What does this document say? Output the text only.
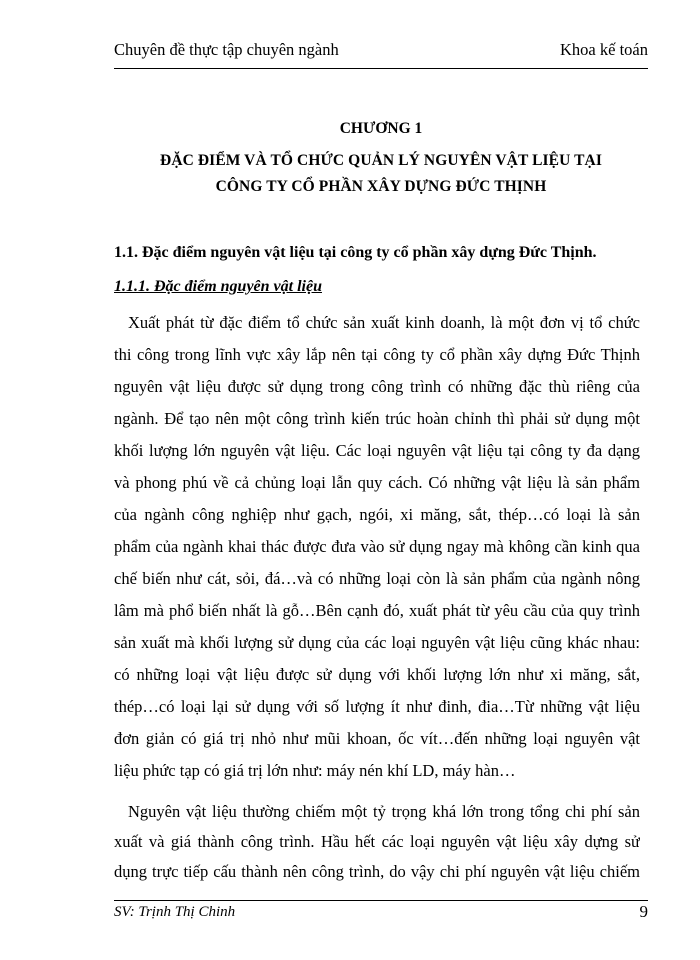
Chuyên đề thực tập chuyên ngành	Khoa kế toán
CHƯƠNG 1
ĐẶC ĐIỂM VÀ TỔ CHỨC QUẢN LÝ NGUYÊN VẬT LIỆU TẠI
CÔNG TY CỔ PHẦN XÂY DỰNG ĐỨC THỊNH
1.1. Đặc điểm nguyên vật liệu tại công ty cổ phần xây dựng Đức Thịnh.
1.1.1. Đặc điểm nguyên vật liệu
Xuất phát từ đặc điểm tổ chức sản xuất kinh doanh, là một đơn vị tổ chức
thi công trong lĩnh vực xây lắp nên tại công ty cổ phần xây dựng Đức Thịnh
nguyên vật liệu được sử dụng trong công trình có những đặc thù riêng của
ngành. Để tạo nên một công trình kiến trúc hoàn chỉnh thì phải sử dụng một
khối lượng lớn nguyên vật liệu. Các loại nguyên vật liệu tại công ty đa dạng
và phong phú về cả chủng loại lẫn quy cách. Có những vật liệu là sản phẩm
của ngành công nghiệp như gạch, ngói, xi măng, sắt, thép…có loại là sản
phẩm của ngành khai thác được đưa vào sử dụng ngay mà không cần kinh qua
chế biến như cát, sỏi, đá…và có những loại còn là sản phẩm của ngành nông
lâm mà phổ biến nhất là gỗ…Bên cạnh đó, xuất phát từ yêu cầu của quy trình
sản xuất mà khối lượng sử dụng của các loại nguyên vật liệu cũng khác nhau:
có những loại vật liệu được sử dụng với khối lượng lớn như xi măng, sắt,
thép…có loại lại sử dụng với số lượng ít như đinh, đia…Từ những vật liệu
đơn giản có giá trị nhỏ như mũi khoan, ốc vít…đến những loại nguyên vật
liệu phức tạp có giá trị lớn như: máy nén khí LD, máy hàn…
Nguyên vật liệu thường chiếm một tỷ trọng khá lớn trong tổng chi phí sản
xuất và giá thành công trình. Hầu hết các loại nguyên vật liệu xây dựng sử
dụng trực tiếp cấu thành nên công trình, do vậy chi phí nguyên vật liệu chiếm
SV: Trịnh Thị Chinh	9
